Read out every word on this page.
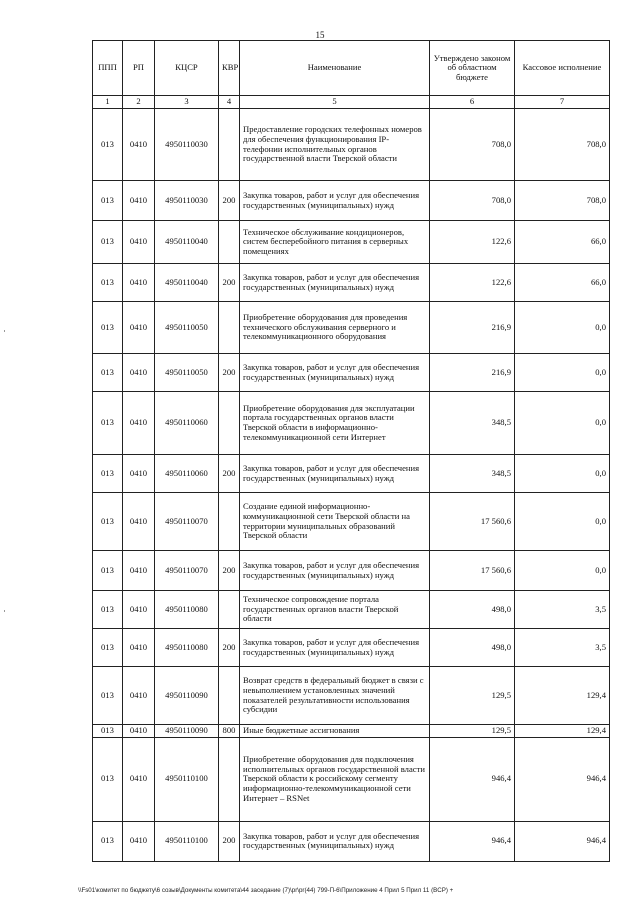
15
ППП	РП	КЦСР	КВР	Наименование	Утверждено законом об областном бюджете	Кассовое исполнение
1	2	3	4	5	6	7
013	0410	4950110030		Предоставление городских телефонных номеров для обеспечения функционирования IP-телефонии исполнительных органов государственной власти Тверской области	708,0	708,0
013	0410	4950110030	200	Закупка товаров, работ и услуг для обеспечения государственных (муниципальных) нужд	708,0	708,0
013	0410	4950110040		Техническое обслуживание кондиционеров, систем бесперебойного питания в серверных помещениях	122,6	66,0
013	0410	4950110040	200	Закупка товаров, работ и услуг для обеспечения государственных (муниципальных) нужд	122,6	66,0
013	0410	4950110050		Приобретение оборудования для проведения технического обслуживания серверного и телекоммуникационного оборудования	216,9	0,0
013	0410	4950110050	200	Закупка товаров, работ и услуг для обеспечения государственных (муниципальных) нужд	216,9	0,0
013	0410	4950110060		Приобретение оборудования для эксплуатации портала государственных органов власти Тверской области в информационно-телекоммуникационной сети Интернет	348,5	0,0
013	0410	4950110060	200	Закупка товаров, работ и услуг для обеспечения государственных (муниципальных) нужд	348,5	0,0
013	0410	4950110070		Создание единой информационно-коммуникационной сети Тверской области на территории муниципальных образований Тверской области	17 560,6	0,0
013	0410	4950110070	200	Закупка товаров, работ и услуг для обеспечения государственных (муниципальных) нужд	17 560,6	0,0
013	0410	4950110080		Техническое сопровождение портала государственных органов власти Тверской области	498,0	3,5
013	0410	4950110080	200	Закупка товаров, работ и услуг для обеспечения государственных (муниципальных) нужд	498,0	3,5
013	0410	4950110090		Возврат средств в федеральный бюджет в связи с невыполнением установленных значений показателей результативности использования субсидии	129,5	129,4
013	0410	4950110090	800	Иные бюджетные ассигнования	129,5	129,4
013	0410	4950110100		Приобретение оборудования для подключения исполнительных органов государственной власти Тверской области к российскому сегменту информационно-телекоммуникационной сети Интернет – RSNet	946,4	946,4
013	0410	4950110100	200	Закупка товаров, работ и услуг для обеспечения государственных (муниципальных) нужд	946,4	946,4
\\Fs01\комитет по бюджету\6 созыв\Документы комитета\44 заседание (7)\pr\pr(44) 799-П-6\Приложение 4 Прил 5 Прил 11 (BCP) +
